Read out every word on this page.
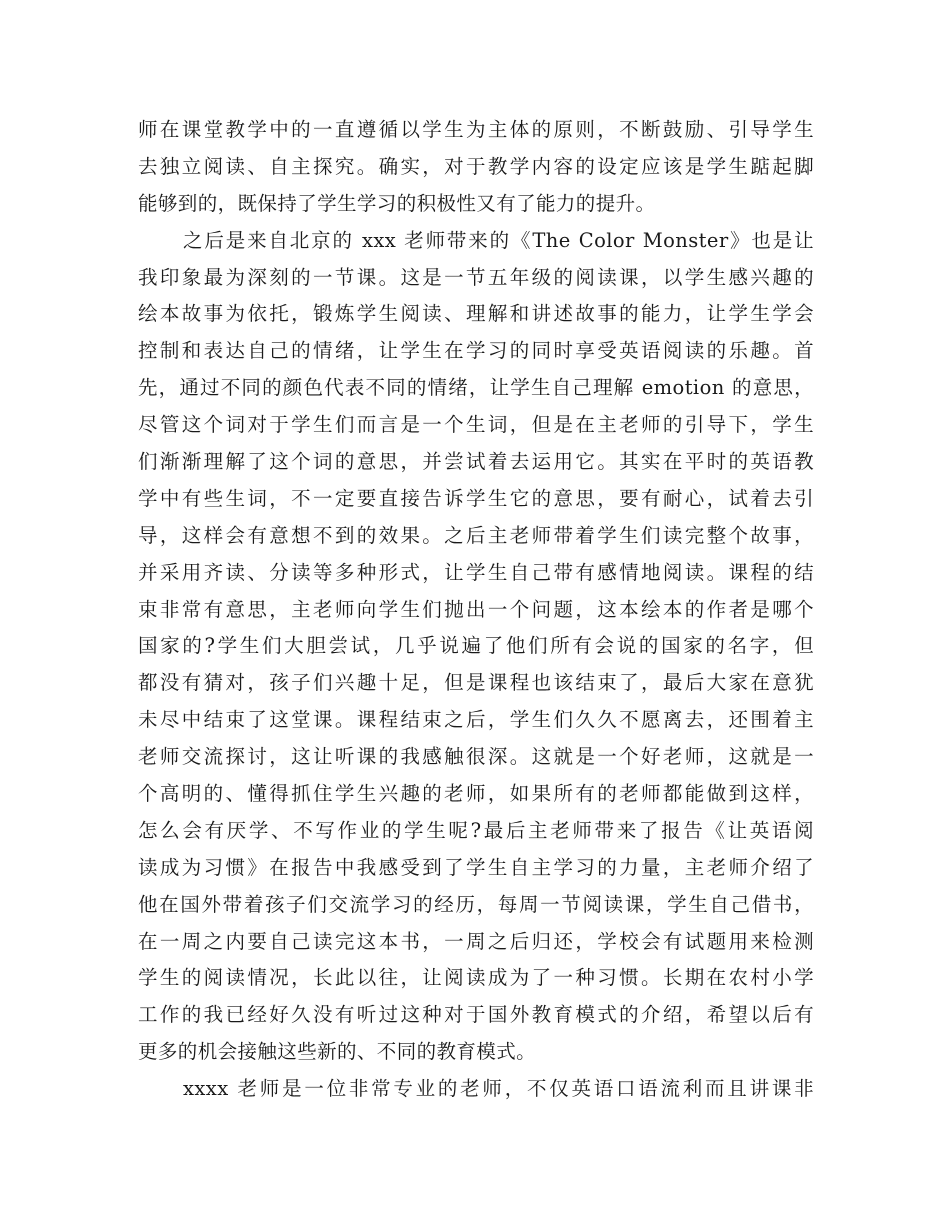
师在课堂教学中的一直遵循以学生为主体的原则，不断鼓励、引导学生
去独立阅读、自主探究。确实，对于教学内容的设定应该是学生踮起脚
能够到的，既保持了学生学习的积极性又有了能力的提升。
之后是来自北京的 xxx 老师带来的《The Color Monster》也是让
我印象最为深刻的一节课。这是一节五年级的阅读课，以学生感兴趣的
绘本故事为依托，锻炼学生阅读、理解和讲述故事的能力，让学生学会
控制和表达自己的情绪，让学生在学习的同时享受英语阅读的乐趣。首
先，通过不同的颜色代表不同的情绪，让学生自己理解 emotion 的意思，
尽管这个词对于学生们而言是一个生词，但是在主老师的引导下，学生
们渐渐理解了这个词的意思，并尝试着去运用它。其实在平时的英语教
学中有些生词，不一定要直接告诉学生它的意思，要有耐心，试着去引
导，这样会有意想不到的效果。之后主老师带着学生们读完整个故事，
并采用齐读、分读等多种形式，让学生自己带有感情地阅读。课程的结
束非常有意思，主老师向学生们抛出一个问题，这本绘本的作者是哪个
国家的?学生们大胆尝试，几乎说遍了他们所有会说的国家的名字，但
都没有猜对，孩子们兴趣十足，但是课程也该结束了，最后大家在意犹
未尽中结束了这堂课。课程结束之后，学生们久久不愿离去，还围着主
老师交流探讨，这让听课的我感触很深。这就是一个好老师，这就是一
个高明的、懂得抓住学生兴趣的老师，如果所有的老师都能做到这样，
怎么会有厌学、不写作业的学生呢?最后主老师带来了报告《让英语阅
读成为习惯》在报告中我感受到了学生自主学习的力量，主老师介绍了
他在国外带着孩子们交流学习的经历，每周一节阅读课，学生自己借书，
在一周之内要自己读完这本书，一周之后归还，学校会有试题用来检测
学生的阅读情况，长此以往，让阅读成为了一种习惯。长期在农村小学
工作的我已经好久没有听过这种对于国外教育模式的介绍，希望以后有
更多的机会接触这些新的、不同的教育模式。
xxxx 老师是一位非常专业的老师，不仅英语口语流利而且讲课非
